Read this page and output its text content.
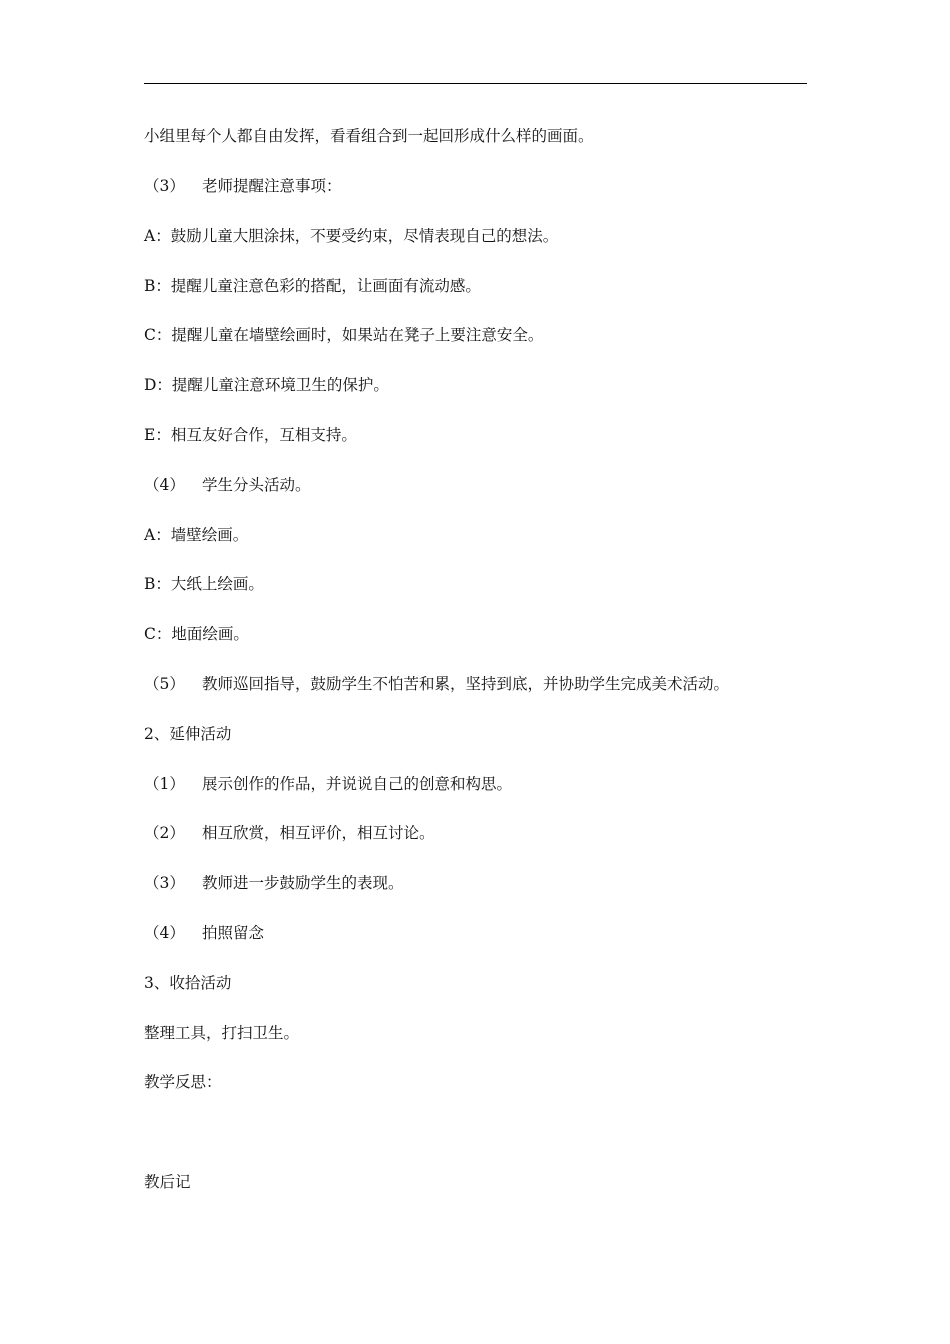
小组里每个人都自由发挥，看看组合到一起回形成什么样的画面。
（3） 老师提醒注意事项：
A：鼓励儿童大胆涂抹，不要受约束，尽情表现自己的想法。
B：提醒儿童注意色彩的搭配，让画面有流动感。
C：提醒儿童在墙壁绘画时，如果站在凳子上要注意安全。
D：提醒儿童注意环境卫生的保护。
E：相互友好合作，互相支持。
（4） 学生分头活动。
A：墙壁绘画。
B：大纸上绘画。
C：地面绘画。
（5） 教师巡回指导，鼓励学生不怕苦和累，坚持到底，并协助学生完成美术活动。
2、延伸活动
（1） 展示创作的作品，并说说自己的创意和构思。
（2） 相互欣赏，相互评价，相互讨论。
（3） 教师进一步鼓励学生的表现。
（4） 拍照留念
3、收拾活动
整理工具，打扫卫生。
教学反思：
教后记
